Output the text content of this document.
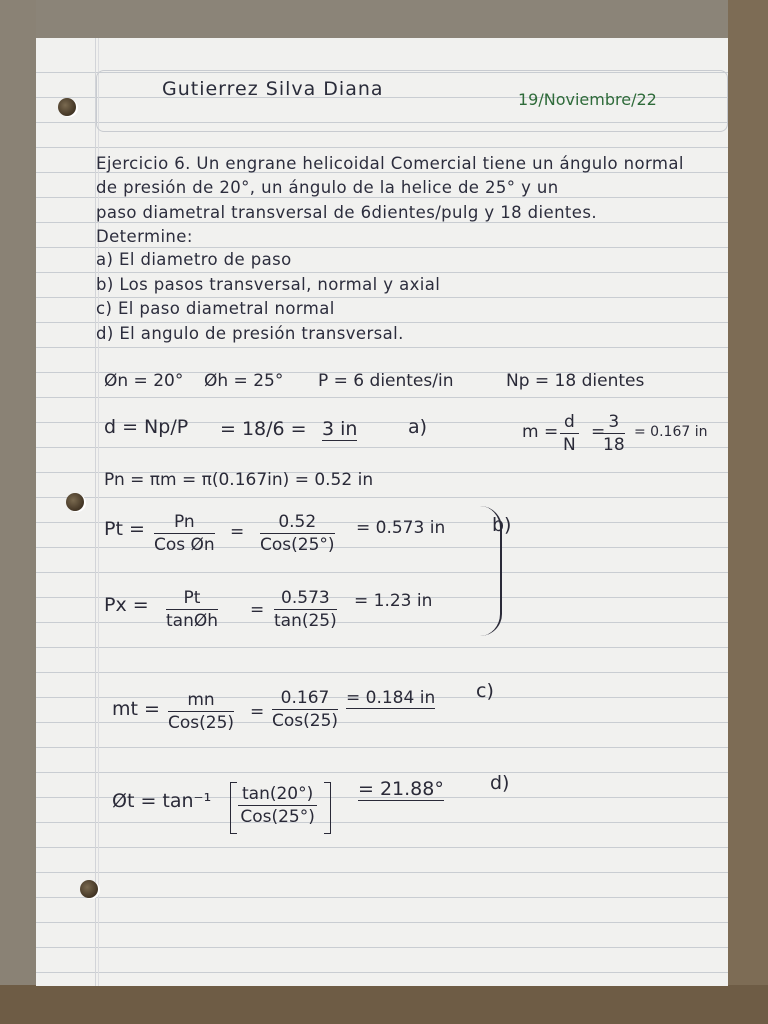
Gutierrez Silva Diana	19/Noviembre/22
Ejercicio 6. Un engrane helicoidal Comercial tiene un ángulo normal
de presión de 20°, un ángulo de la helice de 25° y un
paso diametral transversal de 6dientes/pulg y 18 dientes.
Determine:
a) El diametro de paso
b) Los pasos transversal, normal y axial
c) El paso diametral normal
d) El angulo de presión transversal.
Øn = 20° Øh = 25° P = 6 dientes/in	Np = 18 dientes
d = Np/P = 18/6 = 3 in	a)	$m = \frac{d}{N}$ =
$\frac{3}{18} = 0.167$ in
Pn = πm = π(0.167in) = 0.52 in
Pt =	Pn
Cos Øn
=	0.52
Cos(25°)
= 0.573 in
$Px = \frac{Pt}{\tan Øh} = \frac{0.573}{\tan(25)} = 1.23$ in
b)
mt =	mn
Cos(25)
=
0.167
Cos(25)
= 0.184 in c)
Øt = tan⁻¹ tan(20°)
Cos(25°)
= 21.88° d)
